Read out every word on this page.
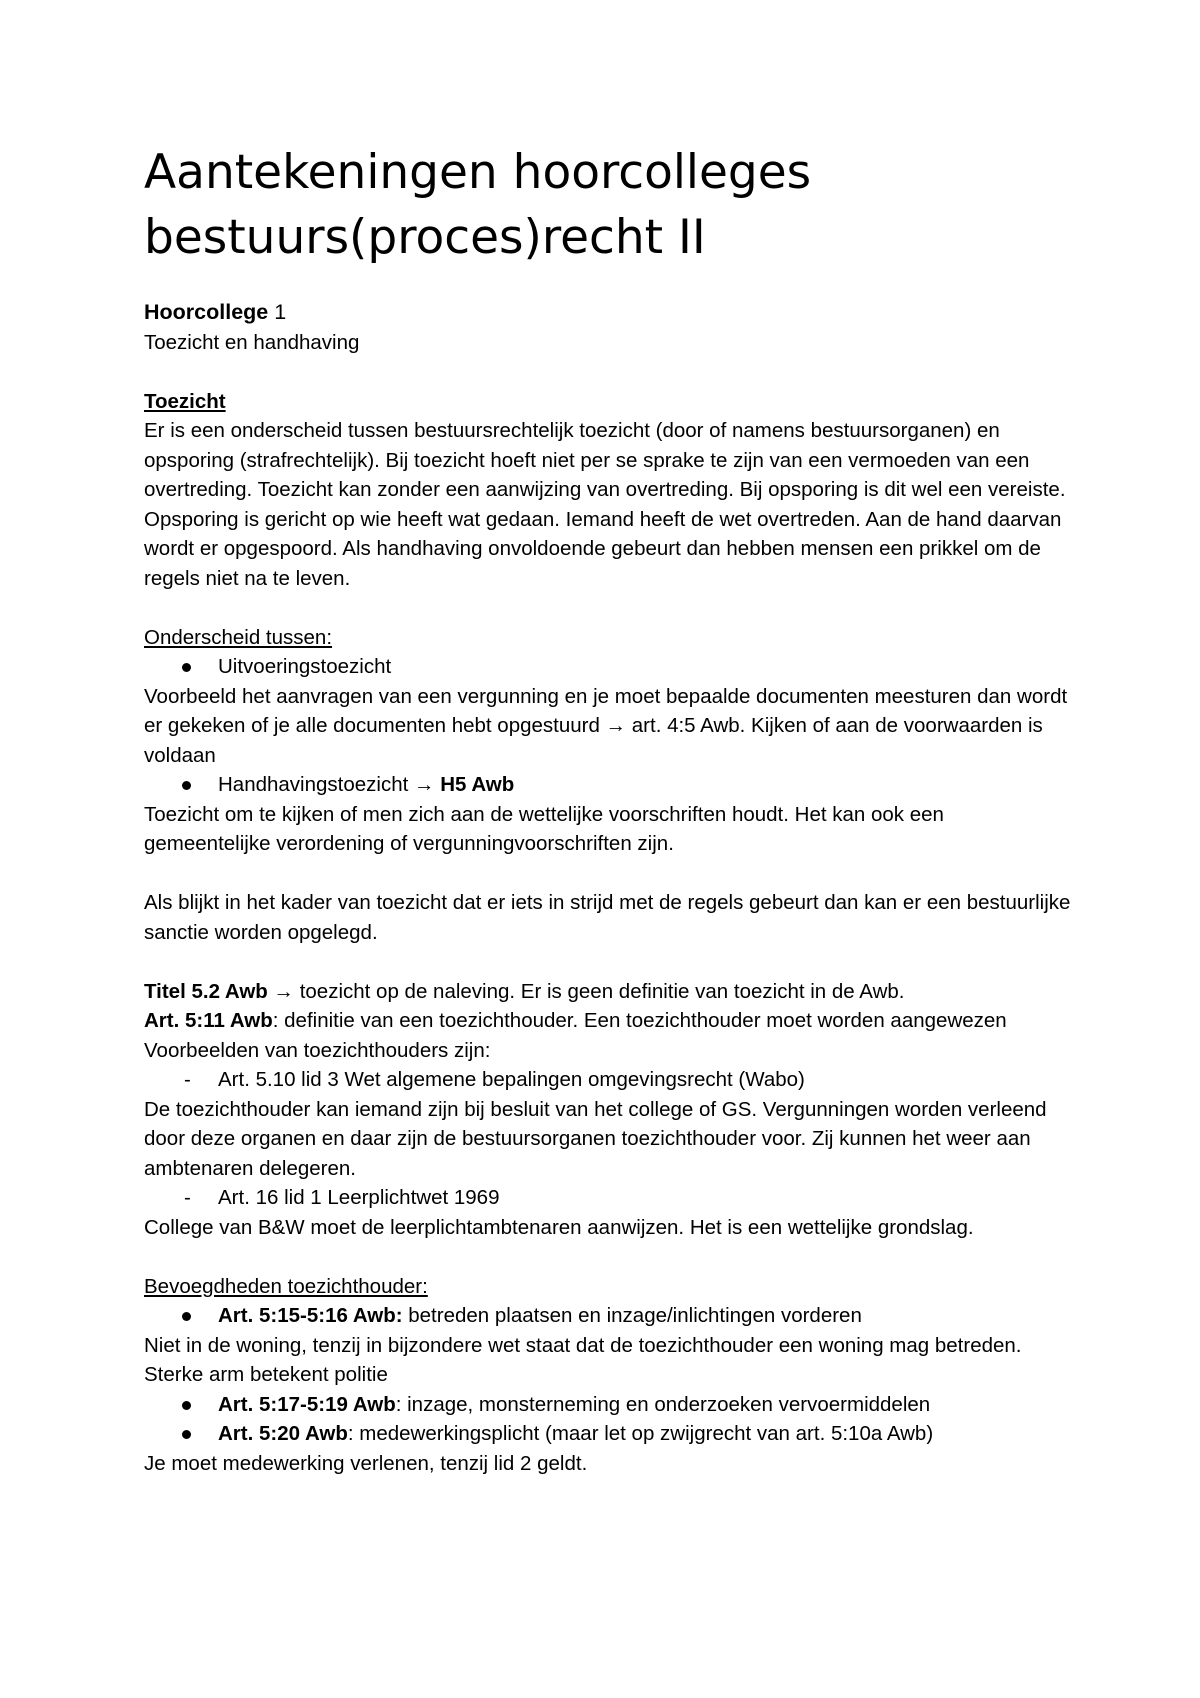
Aantekeningen hoorcolleges
bestuurs(proces)recht II

Hoorcollege 1

Toezicht en handhaving

Toezicht

Er is een onderscheid tussen bestuursrechtelijk toezicht (door of namens bestuursorganen) en opsporing (strafrechtelijk). Bij toezicht hoeft niet per se sprake te zijn van een vermoeden van een overtreding. Toezicht kan zonder een aanwijzing van overtreding. Bij opsporing is dit wel een vereiste. Opsporing is gericht op wie heeft wat gedaan. Iemand heeft de wet overtreden. Aan de hand daarvan wordt er opgespoord. Als handhaving onvoldoende gebeurt dan hebben mensen een prikkel om de regels niet na te leven.

Onderscheid tussen:

Uitvoeringstoezicht

Voorbeeld het aanvragen van een vergunning en je moet bepaalde documenten meesturen dan wordt er gekeken of je alle documenten hebt opgestuurd → art. 4:5 Awb. Kijken of aan de voorwaarden is voldaan

Handhavingstoezicht → H5 Awb

Toezicht om te kijken of men zich aan de wettelijke voorschriften houdt. Het kan ook een gemeentelijke verordening of vergunningvoorschriften zijn.

Als blijkt in het kader van toezicht dat er iets in strijd met de regels gebeurt dan kan er een bestuurlijke sanctie worden opgelegd.

Titel 5.2 Awb → toezicht op de naleving. Er is geen definitie van toezicht in de Awb.

Art. 5:11 Awb: definitie van een toezichthouder. Een toezichthouder moet worden aangewezen Voorbeelden van toezichthouders zijn:

- Art. 5.10 lid 3 Wet algemene bepalingen omgevingsrecht (Wabo)

De toezichthouder kan iemand zijn bij besluit van het college of GS. Vergunningen worden verleend door deze organen en daar zijn de bestuursorganen toezichthouder voor. Zij kunnen het weer aan ambtenaren delegeren.

- Art. 16 lid 1 Leerplichtwet 1969

College van B&W moet de leerplichtambtenaren aanwijzen. Het is een wettelijke grondslag.

Bevoegdheden toezichthouder:

Art. 5:15-5:16 Awb: betreden plaatsen en inzage/inlichtingen vorderen

Niet in de woning, tenzij in bijzondere wet staat dat de toezichthouder een woning mag betreden.

Sterke arm betekent politie

Art. 5:17-5:19 Awb: inzage, monsterneming en onderzoeken vervoermiddelen
Art. 5:20 Awb: medewerkingsplicht (maar let op zwijgrecht van art. 5:10a Awb)

Je moet medewerking verlenen, tenzij lid 2 geldt.
